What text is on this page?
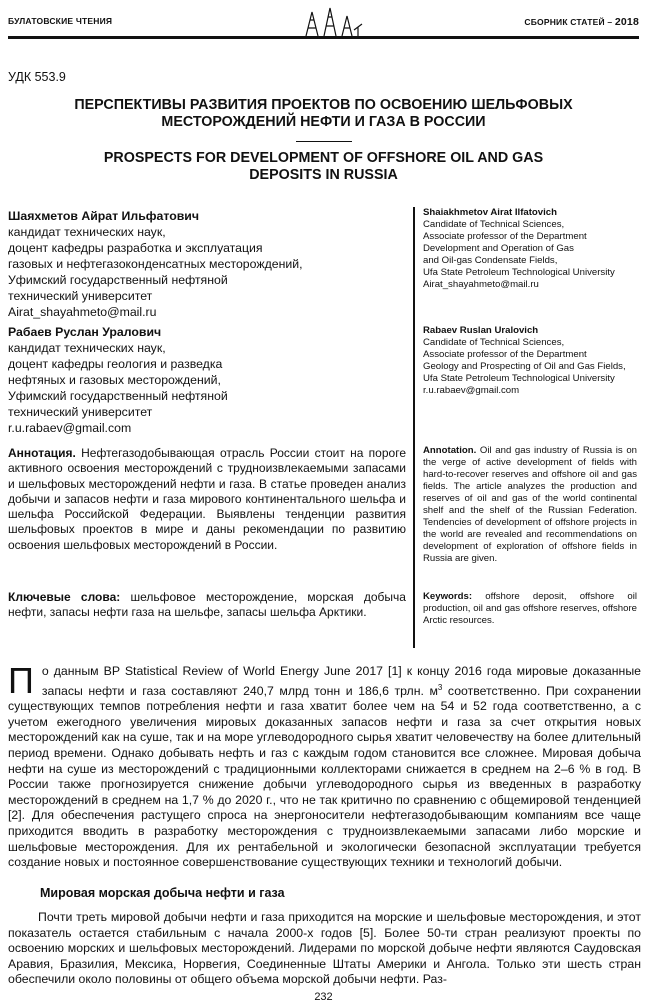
БУЛАТОВСКИЕ ЧТЕНИЯ	СБОРНИК СТАТЕЙ – 2018
УДК 553.9
ПЕРСПЕКТИВЫ РАЗВИТИЯ ПРОЕКТОВ ПО ОСВОЕНИЮ ШЕЛЬФОВЫХ
МЕСТОРОЖДЕНИЙ НЕФТИ И ГАЗА В РОССИИ
PROSPECTS FOR DEVELOPMENT OF OFFSHORE OIL AND GAS
DEPOSITS IN RUSSIA
Шаяхметов Айрат Ильфатович
кандидат технических наук,
доцент кафедры разработка и эксплуатация
газовых и нефтегазоконденсатных месторождений,
Уфимский государственный нефтяной
технический университет
Airat_shayahmeto@mail.ru
Рабаев Руслан Уралович
кандидат технических наук,
доцент кафедры геология и разведка
нефтяных и газовых месторождений,
Уфимский государственный нефтяной
технический университет
r.u.rabaev@gmail.com
Shaiakhmetov Airat Ilfatovich
Candidate of Technical Sciences,
Associate professor of the Department
Development and Operation of Gas
and Oil-gas Condensate Fields,
Ufa State Petroleum Technological University
Airat_shayahmeto@mail.ru
Rabaev Ruslan Uralovich
Candidate of Technical Sciences,
Associate professor of the Department
Geology and Prospecting of Oil and Gas Fields,
Ufa State Petroleum Technological University
r.u.rabaev@gmail.com
Аннотация. Нефтегазодобывающая отрасль России стоит на пороге активного освоения месторождений с трудноизвлекаемыми запасами и шельфовых месторождений нефти и газа. В статье проведен анализ добычи и запасов нефти и газа мирового континентального шельфа и шельфа Российской Федерации. Выявлены тенденции развития шельфовых проектов в мире и даны рекомендации по развитию освоения шельфовых месторождений в России.
Ключевые слова: шельфовое месторождение, морская добыча нефти, запасы нефти газа на шельфе, запасы шельфа Арктики.
Annotation. Oil and gas industry of Russia is on the verge of active development of fields with hard-to-recover reserves and offshore oil and gas fields. The article analyzes the production and reserves of oil and gas of the world continental shelf and the shelf of the Russian Federation. Tendencies of development of offshore projects in the world are revealed and recommendations on development of exploration of offshore fields in Russia are given.
Keywords: offshore deposit, offshore oil production, oil and gas offshore reserves, offshore Arctic resources.
По данным BP Statistical Review of World Energy June 2017 [1] к концу 2016 года мировые доказанные запасы нефти и газа составляют 240,7 млрд тонн и 186,6 трлн. $м^3$ соответственно. При сохранении существующих темпов потребления нефти и газа хватит более чем на 54 и 52 года соответственно, а с учетом ежегодного увеличения мировых доказанных запасов нефти и газа за счет открытия новых месторождений как на суше, так и на море углеводородного сырья хватит человечеству на более длительный период времени. Однако добывать нефть и газ с каждым годом становится все сложнее. Мировая добыча нефти на суше из месторождений с традиционными коллекторами снижается в среднем на 2–6 % в год. В России также прогнозируется снижение добычи углеводородного сырья из введенных в разработку месторождений в среднем на 1,7 % до 2020 г., что не так критично по сравнению с общемировой тенденцией [2]. Для обеспечения растущего спроса на энергоносители нефтегазодобывающим компаниям все чаще приходится вводить в разработку месторождения с трудноизвлекаемыми запасами либо морские и шельфовые месторождения. Для их рентабельной и экологически безопасной эксплуатации требуется создание новых и постоянное совершенствование существующих техники и технологий добычи.
Мировая морская добыча нефти и газа
Почти треть мировой добычи нефти и газа приходится на морские и шельфовые месторождения, и этот показатель остается стабильным с начала 2000-х годов [5]. Более 50-ти стран реализуют проекты по освоению морских и шельфовых месторождений. Лидерами по морской добыче нефти являются Саудовская Аравия, Бразилия, Мексика, Норвегия, Соединенные Штаты Америки и Ангола. Только эти шесть стран обеспечили около половины от общего объема морской добычи нефти. Раз-
232
